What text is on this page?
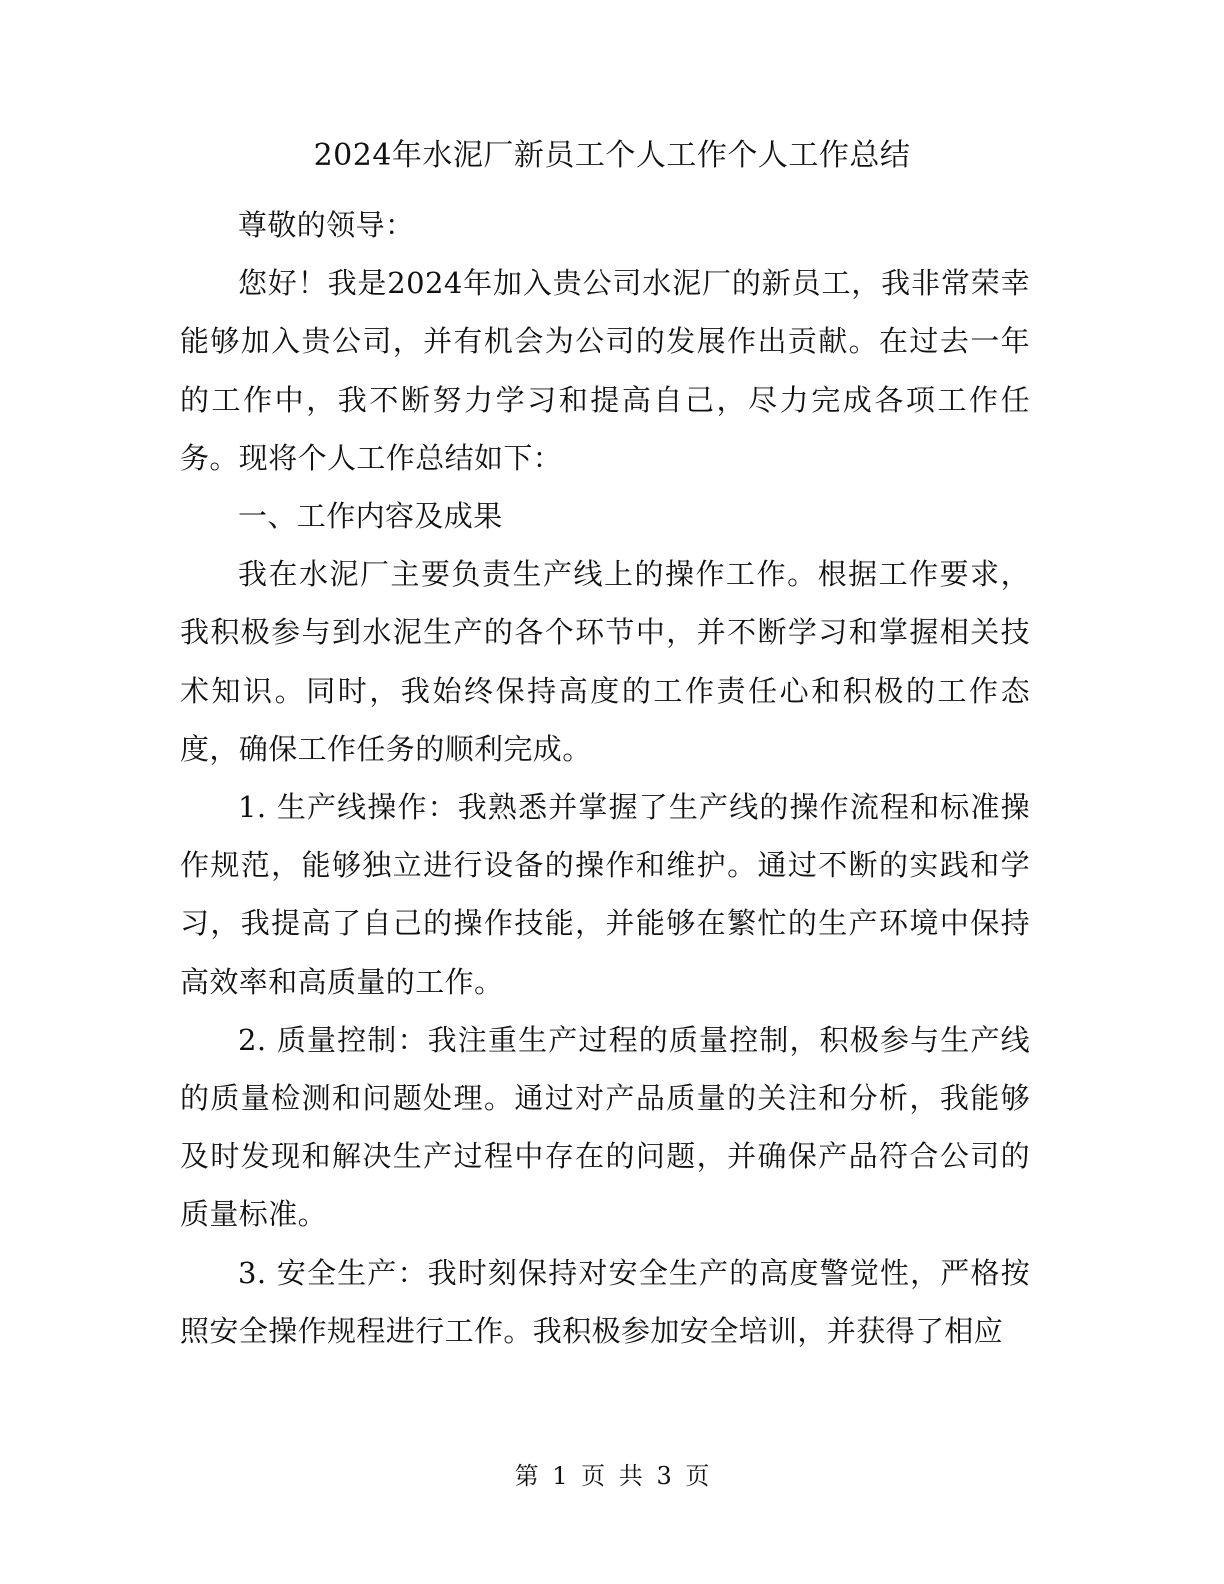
2024年水泥厂新员工个人工作个人工作总结

尊敬的领导：

您好！我是2024年加入贵公司水泥厂的新员工，我非常荣幸能够加入贵公司，并有机会为公司的发展作出贡献。在过去一年的工作中，我不断努力学习和提高自己，尽力完成各项工作任务。现将个人工作总结如下：

一、工作内容及成果

我在水泥厂主要负责生产线上的操作工作。根据工作要求，我积极参与到水泥生产的各个环节中，并不断学习和掌握相关技术知识。同时，我始终保持高度的工作责任心和积极的工作态度，确保工作任务的顺利完成。

1. 生产线操作：我熟悉并掌握了生产线的操作流程和标准操作规范，能够独立进行设备的操作和维护。通过不断的实践和学习，我提高了自己的操作技能，并能够在繁忙的生产环境中保持高效率和高质量的工作。

2. 质量控制：我注重生产过程的质量控制，积极参与生产线的质量检测和问题处理。通过对产品质量的关注和分析，我能够及时发现和解决生产过程中存在的问题，并确保产品符合公司的质量标准。

3. 安全生产：我时刻保持对安全生产的高度警觉性，严格按照安全操作规程进行工作。我积极参加安全培训，并获得了相应

第 1 页 共 3 页
